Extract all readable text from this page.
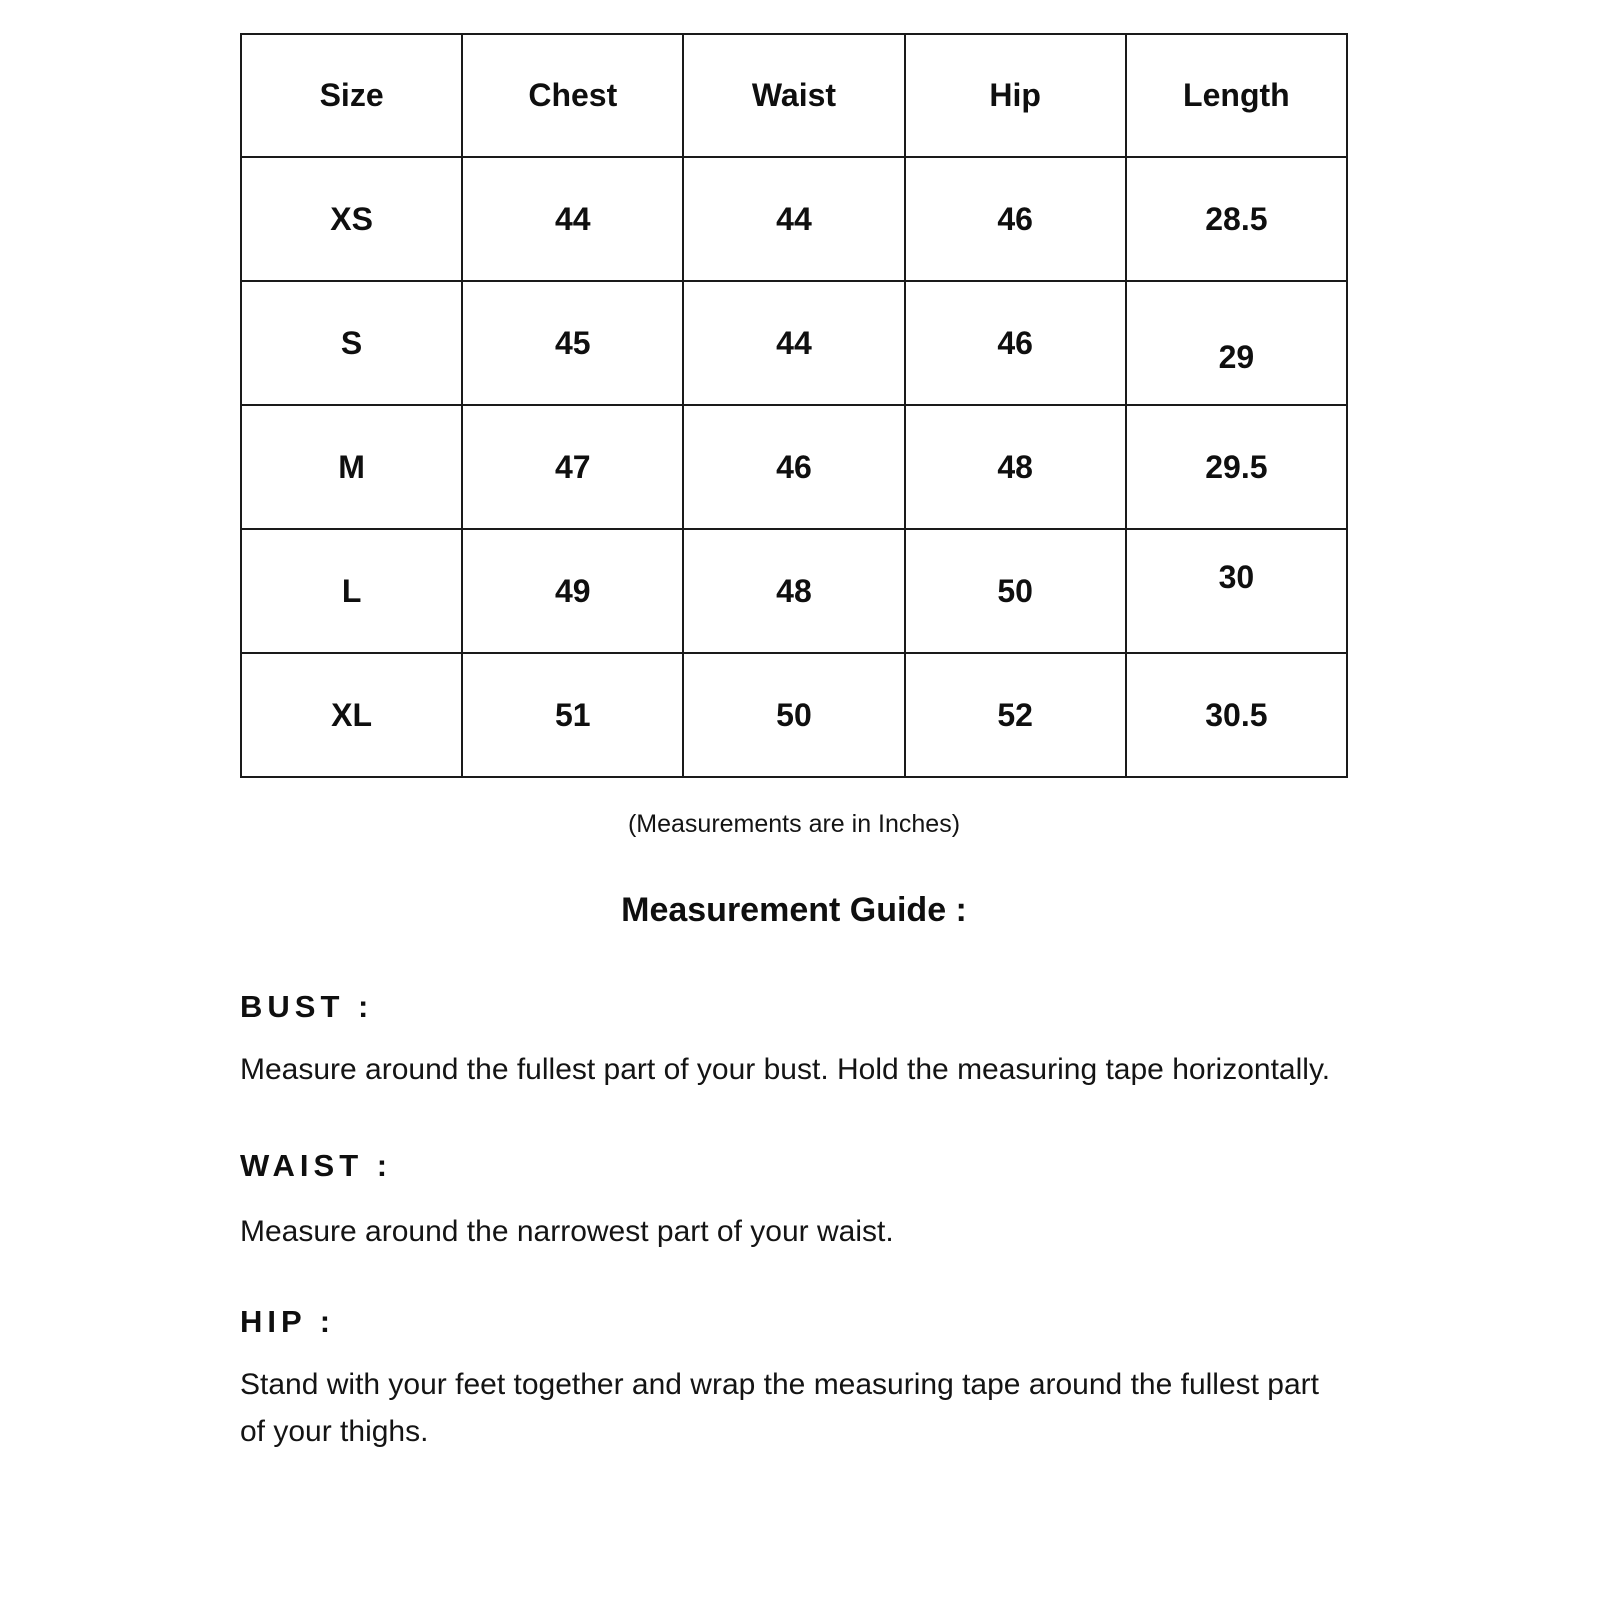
Size	Chest	Waist	Hip	Length
XS	44	44	46	28.5
S	45	44	46	29
M	47	46	48	29.5
L	49	48	50	30
XL	51	50	52	30.5
(Measurements are in Inches)
Measurement Guide :
BUST :

Measure around the fullest part of your bust. Hold the measuring tape horizontally.

WAIST :

Measure around the narrowest part of your waist.

HIP :

Stand with your feet together and wrap the measuring tape around the fullest part of your thighs.
